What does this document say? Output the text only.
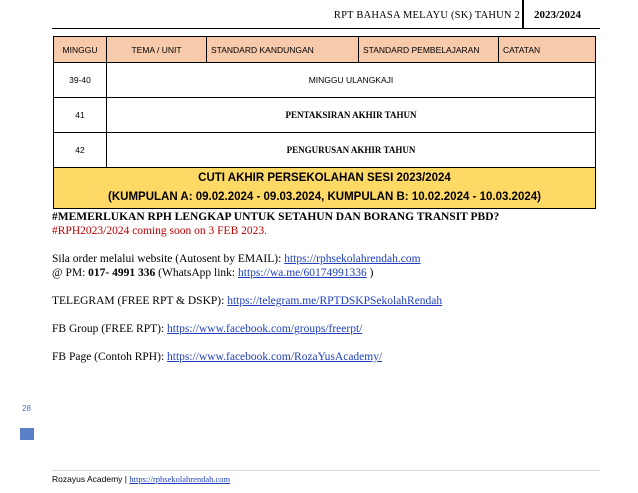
RPT BAHASA MELAYU (SK) TAHUN 2 2023/2024
MINGGU	TEMA / UNIT	STANDARD KANDUNGAN	STANDARD PEMBELAJARAN	CATATAN
39-40	MINGGU ULANGKAJI			
41	PENTAKSIRAN AKHIR TAHUN			
42	PENGURUSAN AKHIR TAHUN			

CUTI AKHIR PERSEKOLAHAN SESI 2023/2024
(KUMPULAN A: 09.02.2024 - 09.03.2024, KUMPULAN B: 10.02.2024 - 10.03.2024)				

#MEMERLUKAN RPH LENGKAP UNTUK SETAHUN DAN BORANG TRANSIT PBD?

#RPH2023/2024 coming soon on 3 FEB 2023.

Sila order melalui website (Autosent by EMAIL): https://rphsekolahrendah.com

@ PM: 017- 4991 336 (WhatsApp link: https://wa.me/60174991336 )

TELEGRAM (FREE RPT & DSKP): https://telegram.me/RPTDSKPSekolahRendah

FB Group (FREE RPT): https://www.facebook.com/groups/freerpt/

FB Page (Contoh RPH): https://www.facebook.com/RozaYusAcademy/

28
Rozayus Academy | https://rphsekolahrendah.com
